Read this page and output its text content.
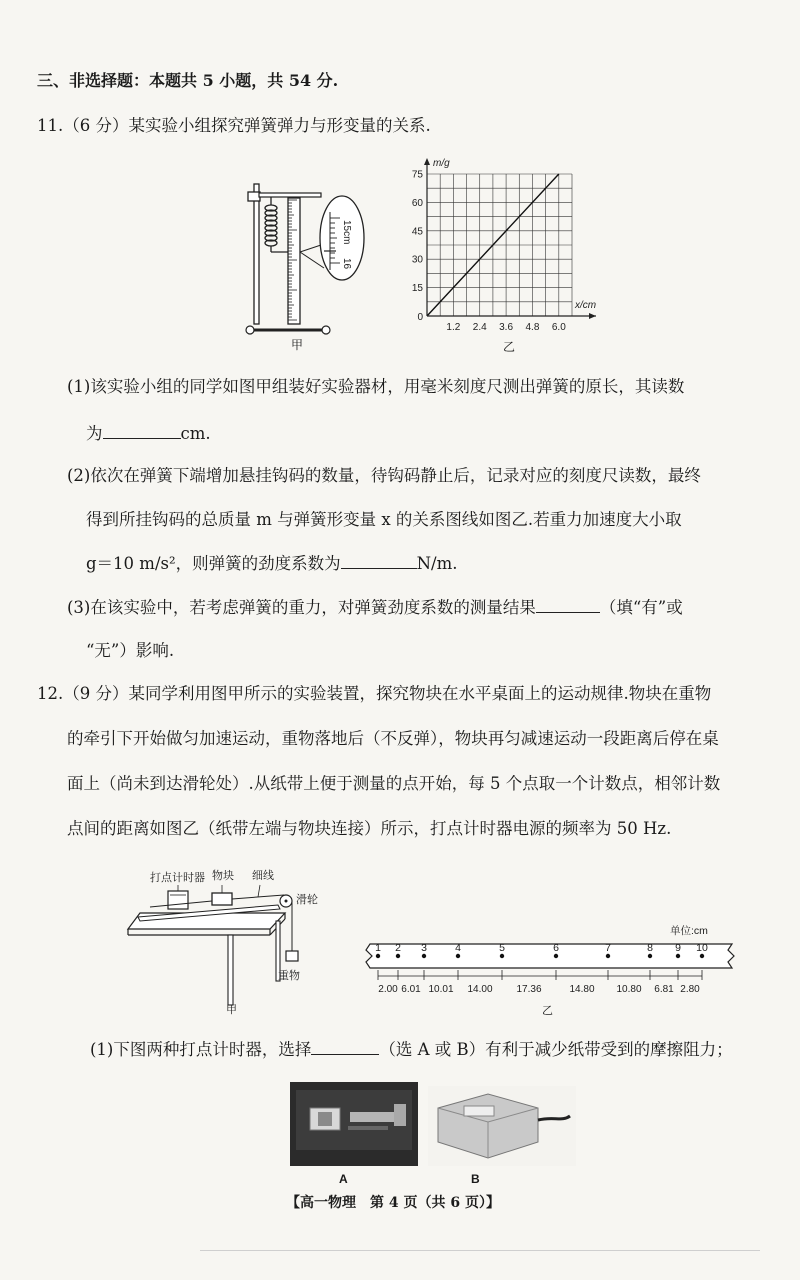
三、非选择题：本题共 5 小题，共 54 分.
11.（6 分）某实验小组探究弹簧弹力与形变量的关系.
15cm
16
甲
1.2 2.4 3.6 4.8 6.0
15
30
45
60
75
0
x/cm
m/g
乙
(1)该实验小组的同学如图甲组装好实验器材，用毫米刻度尺测出弹簧的原长，其读数
为	cm.
(2)依次在弹簧下端增加悬挂钩码的数量，待钩码静止后，记录对应的刻度尺读数，最终
得到所挂钩码的总质量 m 与弹簧形变量 x 的关系图线如图乙.若重力加速度大小取
g＝10 m/s²，则弹簧的劲度系数为	N/m.
(3)在该实验中，若考虑弹簧的重力，对弹簧劲度系数的测量结果	（填“有”或
“无”）影响.
12.（9 分）某同学利用图甲所示的实验装置，探究物块在水平桌面上的运动规律.物块在重物
的牵引下开始做匀加速运动，重物落地后（不反弹），物块再匀减速运动一段距离后停在桌
面上（尚未到达滑轮处）.从纸带上便于测量的点开始，每 5 个点取一个计数点，相邻计数
点间的距离如图乙（纸带左端与物块连接）所示，打点计时器电源的频率为 50 Hz.
打点计时器 物块 细线
滑轮
重物
甲
单位:cm
1 2 3	4	5	6	7	8 9 10
2.00 6.01 10.01 14.00 17.36	14.80 10.80 6.81 2.80
乙
(1)下图两种打点计时器，选择	（选 A 或 B）有利于减少纸带受到的摩擦阻力；
A	B
【高一物理　第 4 页（共 6 页）】
